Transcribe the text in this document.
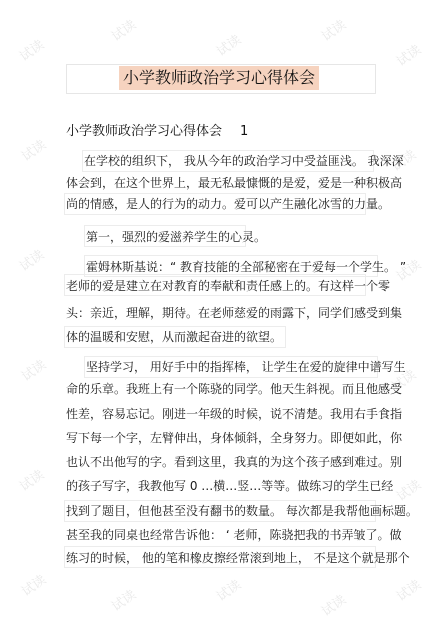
试读
试读
试读
试读
试读
试读	试读
试读	试读
试读	试读
试读	试读
试读
试读	试读
试读
试读
小学教师政治学习心得体会
小学教师政治学习心得体会 1
在学校的组织下， 我从今年的政治学习中受益匪浅。 我深深
体会到，在这个世界上，最无私最慷慨的是爱，爱是一种积极高
尚的情感，是人的行为的动力。爱可以产生融化冰雪的力量。
第一，强烈的爱滋养学生的心灵。
霍姆林斯基说：“ 教育技能的全部秘密在于爱每一个学生。 ”
老师的爱是建立在对教育的奉献和责任感上的。有这样一个零
头：亲近，理解，期待。在老师慈爱的雨露下，同学们感受到集
体的温暖和安慰，从而激起奋进的欲望。
坚持学习， 用好手中的指挥棒， 让学生在爱的旋律中谱写生
命的乐章。我班上有一个陈骁的同学。他天生斜视。而且他感受
性差，容易忘记。刚进一年级的时候，说不清楚。我用右手食指
写下每一个字，左臂伸出，身体倾斜，全身努力。即便如此，你
也认不出他写的字。看到这里，我真的为这个孩子感到难过。别
的孩子写字，我教他写 0 …横…竖…等等。做练习的学生已经
找到了题目，但他甚至没有翻书的数量。 每次都是我帮他画标题。
甚至我的同桌也经常告诉他： ‘ 老师，陈骁把我的书弄皱了。做
练习的时候， 他的笔和橡皮擦经常滚到地上， 不是这个就是那个
